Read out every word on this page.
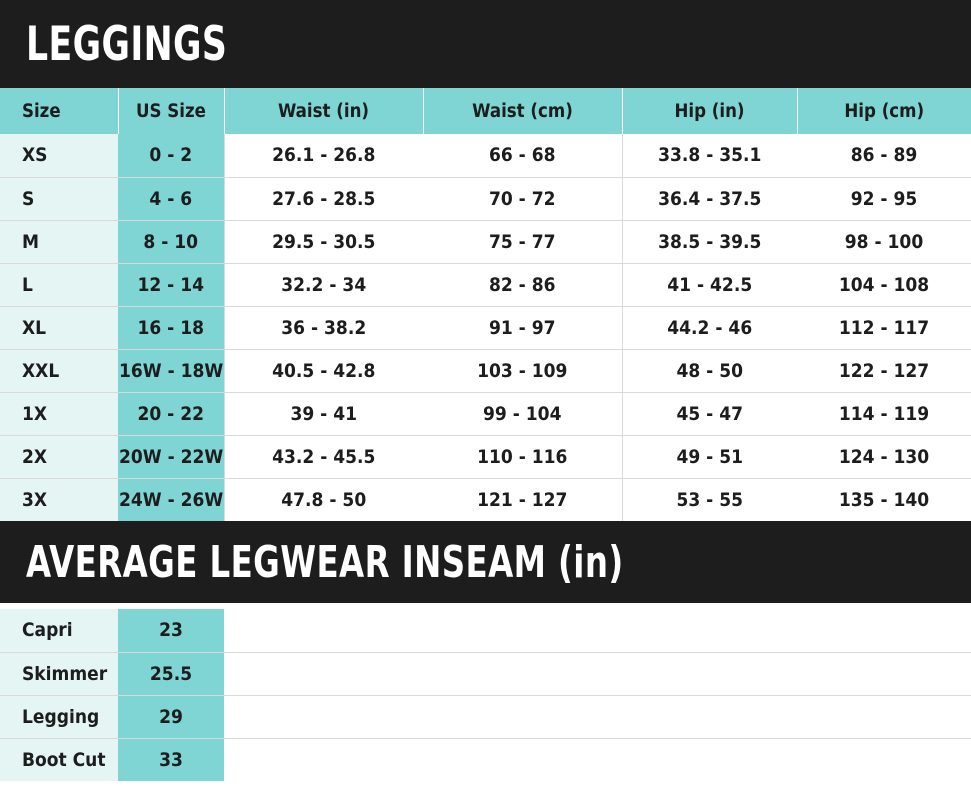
LEGGINGS
Size	US Size	Waist (in)	Waist (cm)	Hip (in)	Hip (cm)
XS	0 - 2	26.1 - 26.8	66 - 68	33.8 - 35.1	86 - 89
S	4 - 6	27.6 - 28.5	70 - 72	36.4 - 37.5	92 - 95
M	8 - 10	29.5 - 30.5	75 - 77	38.5 - 39.5	98 - 100
L	12 - 14	32.2 - 34	82 - 86	41 - 42.5	104 - 108
XL	16 - 18	36 - 38.2	91 - 97	44.2 - 46	112 - 117
XXL	16W - 18W	40.5 - 42.8	103 - 109	48 - 50	122 - 127
1X	20 - 22	39 - 41	99 - 104	45 - 47	114 - 119
2X	20W - 22W	43.2 - 45.5	110 - 116	49 - 51	124 - 130
3X	24W - 26W	47.8 - 50	121 - 127	53 - 55	135 - 140
AVERAGE LEGWEAR INSEAM (in)
Capri	23	
Skimmer	25.5	
Legging	29	
Boot Cut	33	
